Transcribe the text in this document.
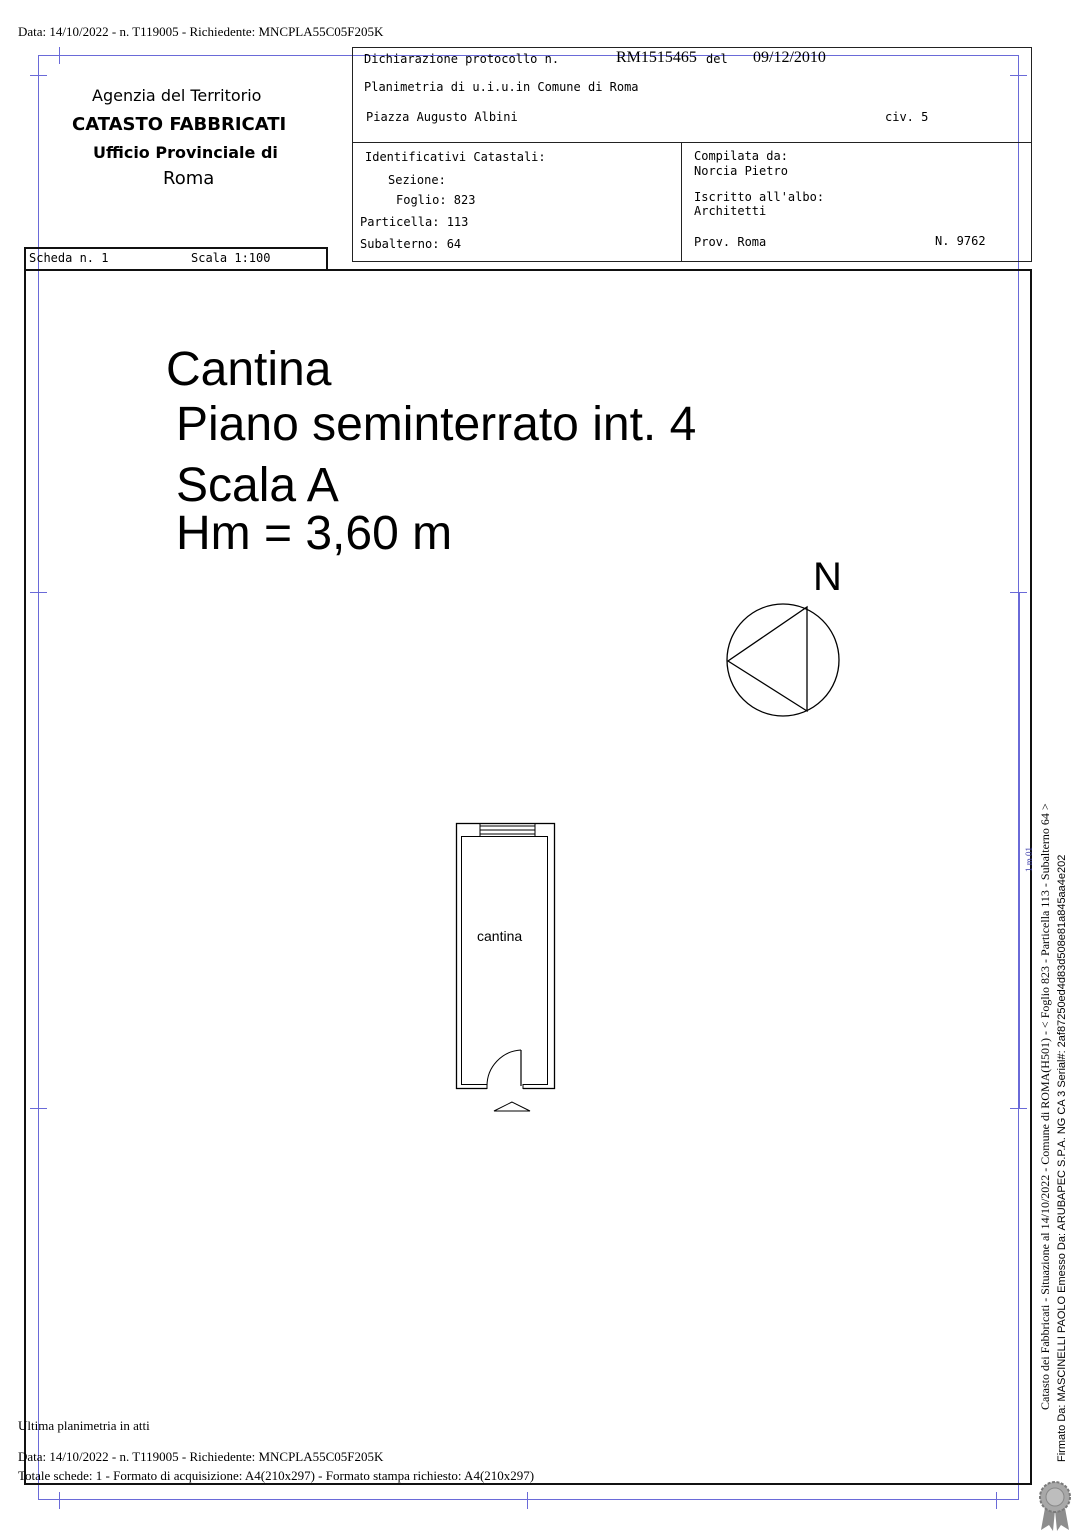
Data: 14/10/2022 - n. T119005 - Richiedente: MNCPLA55C05F205K
Agenzia del Territorio
CATASTO FABBRICATI
Ufficio Provinciale di
Roma
Dichiarazione protocollo n.	RM1515465 del 09/12/2010
Planimetria di u.i.u.in Comune di Roma
Piazza Augusto Albini	civ. 5
Identificativi Catastali:
Sezione:
Foglio: 823
Particella: 113
Subalterno: 64
Compilata da:
Norcia Pietro
Iscritto all'albo:
Architetti
Prov. Roma	N. 9762
Scheda n. 1	Scala 1:100
Cantina
Piano seminterrato int. 4
Scala A
Hm = 3,60 m
N
cantina
1 m 01
Ultima planimetria in atti
Data: 14/10/2022 - n. T119005 - Richiedente: MNCPLA55C05F205K
Totale schede: 1 - Formato di acquisizione: A4(210x297) - Formato stampa richiesto: A4(210x297)
Catasto dei Fabbricati - Situazione al 14/10/2022 - Comune di ROMA(H501) - < Foglio 823 - Particella 113 - Subalterno 64 > Firmato Da: MASCINELLI PAOLO Emesso Da: ARUBAPEC S.P.A. NG CA 3 Serial#: 2af87250ed4d83d508e81a845aa4e202
